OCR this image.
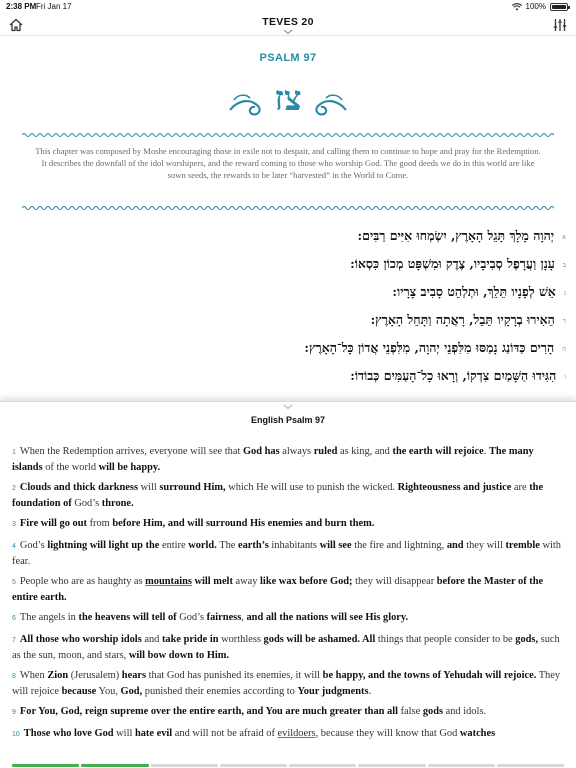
2:38 PM Fri Jan 17	100%
TEVES 20
PSALM 97
צז
This chapter was composed by Moshe encouraging those in exile not to despair, and calling them to continue to hope and pray for the Redemption. It describes the downfall of the idol worshipers, and the reward coming to those who worship God. The good deeds we do in this world are like sown seeds, the rewards to be later “harvested” in the World to Come.
איְהוָה מָלָךְ תָּגֵל הָאָרֶץ, יִשְׂמְחוּ אִיִּים רַבִּים:
בעָנָן וַעֲרָפֶל סְבִיבָיו, צֶדֶק וּמִשְׁפָּט מְכוֹן כִּסְאוֹ:
גאֵשׁ לְפָנָיו תֵּלֵךְ, וּתְלַהֵט סָבִיב צָרָיו:
דהֵאִירוּ בְרָקָיו תֵּבֵל, רָאֲתָה וַתָּחֵל הָאָרֶץ:
ההָרִים כַּדּוֹנַג נָמַסּוּ מִלִּפְנֵי יְהוָה, מִלִּפְנֵי אֲדוֹן כָּל־הָאָרֶץ:
והִגִּידוּ הַשָּׁמַיִם צִדְקוֹ, וְרָאוּ כָל־הָעַמִּים כְּבוֹדוֹ:
English Psalm 97
1 When the Redemption arrives, everyone will see that God has always ruled as king, and the earth will rejoice. The many islands of the world will be happy.
2 Clouds and thick darkness will surround Him, which He will use to punish the wicked. Righteousness and justice are the foundation of God’s throne.
3 Fire will go out from before Him, and will surround His enemies and burn them.
4 God’s lightning will light up the entire world. The earth’s inhabitants will see the fire and lightning, and they will tremble with fear.
5 People who are as haughty as mountains will melt away like wax before God; they will disappear before the Master of the entire earth.
6 The angels in the heavens will tell of God’s fairness, and all the nations will see His glory.
7 All those who worship idols and take pride in worthless gods will be ashamed. All things that people consider to be gods, such as the sun, moon, and stars, will bow down to Him.
8 When Zion (Jerusalem) hears that God has punished its enemies, it will be happy, and the towns of Yehudah will rejoice. They will rejoice because You, God, punished their enemies according to Your judgments.
9 For You, God, reign supreme over the entire earth, and You are much greater than all false gods and idols.
10 Those who love God will hate evil and will not be afraid of evildoers, because they will know that God watches
